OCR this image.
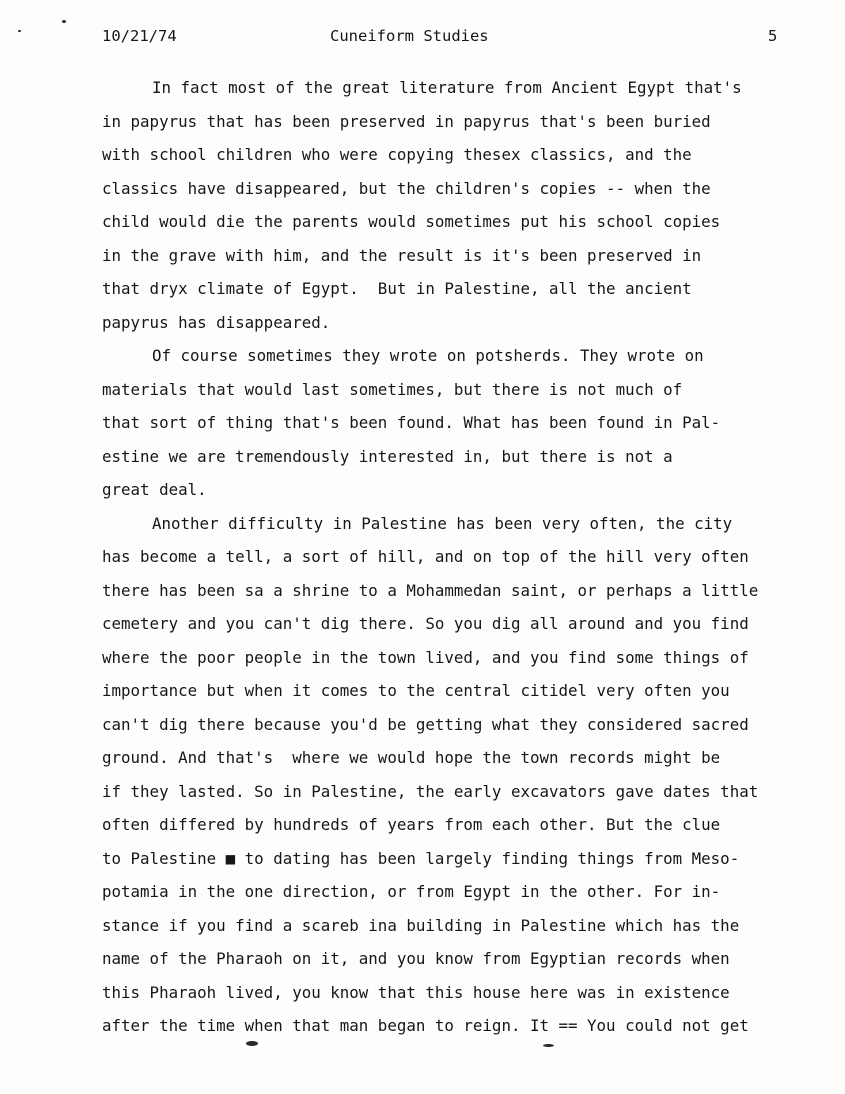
10/21/74	Cuneiform Studies	5
In fact most of the great literature from Ancient Egypt that's
in papyrus that has been preserved in papyrus that's been buried
with school children who were copying thesex classics, and the
classics have disappeared, but the children's copies -- when the
child would die the parents would sometimes put his school copies
in the grave with him, and the result is it's been preserved in
that dryx climate of Egypt.  But in Palestine, all the ancient
papyrus has disappeared.
Of course sometimes they wrote on potsherds. They wrote on
materials that would last sometimes, but there is not much of
that sort of thing that's been found. What has been found in Pal-
estine we are tremendously interested in, but there is not a
great deal.
Another difficulty in Palestine has been very often, the city
has become a tell, a sort of hill, and on top of the hill very often
there has been sa a shrine to a Mohammedan saint, or perhaps a little
cemetery and you can't dig there. So you dig all around and you find
where the poor people in the town lived, and you find some things of
importance but when it comes to the central citidel very often you
can't dig there because you'd be getting what they considered sacred
ground. And that's  where we would hope the town records might be
if they lasted. So in Palestine, the early excavators gave dates that
often differed by hundreds of years from each other. But the clue
to Palestine ■ to dating has been largely finding things from Meso-
potamia in the one direction, or from Egypt in the other. For in-
stance if you find a scareb ina building in Palestine which has the
name of the Pharaoh on it, and you know from Egyptian records when
this Pharaoh lived, you know that this house here was in existence
after the time when that man began to reign. It == You could not get
